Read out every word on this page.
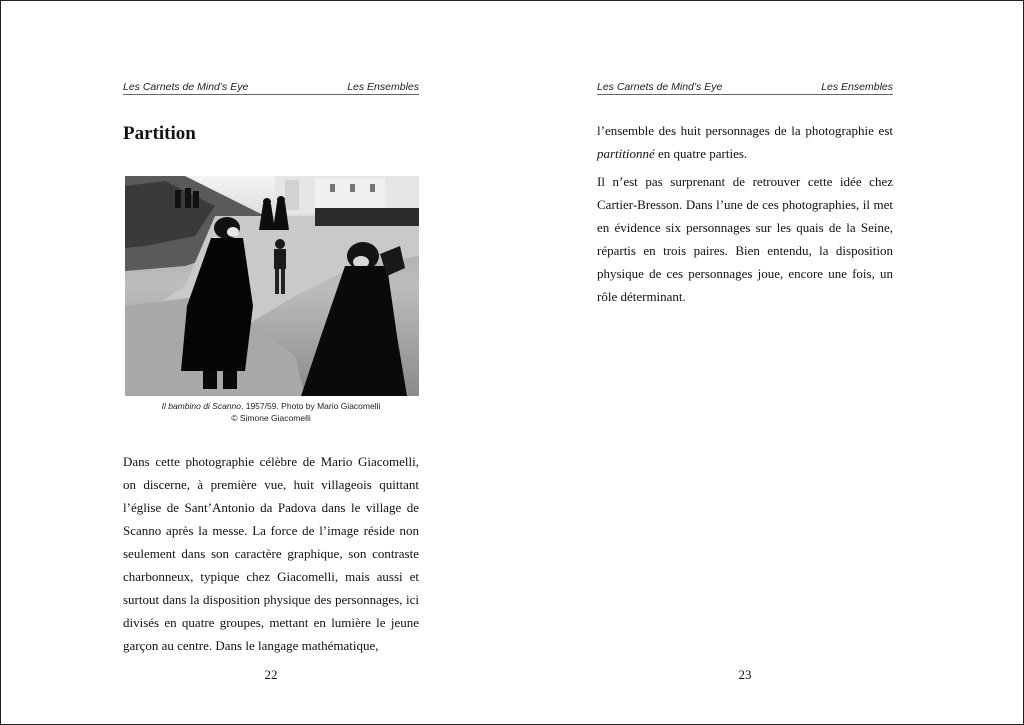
Les Carnets de Mind’s Eye	Les Ensembles
Partition
Il bambino di Scanno, 1957/59. Photo by Mario Giacomelli
© Simone Giacomelli

Dans cette photographie célèbre de Mario Giacomelli, on discerne, à première vue, huit villageois quittant l’église de Sant’Antonio da Padova dans le village de Scanno après la messe. La force de l’image réside non seulement dans son caractère graphique, son contraste charbonneux, typique chez Giacomelli, mais aussi et surtout dans la disposition physique des personnages, ici divisés en quatre groupes, mettant en lumière le jeune garçon au centre. Dans le langage mathématique,

22
Les Carnets de Mind’s Eye	Les Ensembles

l’ensemble des huit personnages de la photographie est partitionné en quatre parties.

Il n’est pas surprenant de retrouver cette idée chez Cartier-Bresson. Dans l’une de ces photographies, il met en évidence six personnages sur les quais de la Seine, répartis en trois paires. Bien entendu, la disposition physique de ces personnages joue, encore une fois, un rôle déterminant.

23
